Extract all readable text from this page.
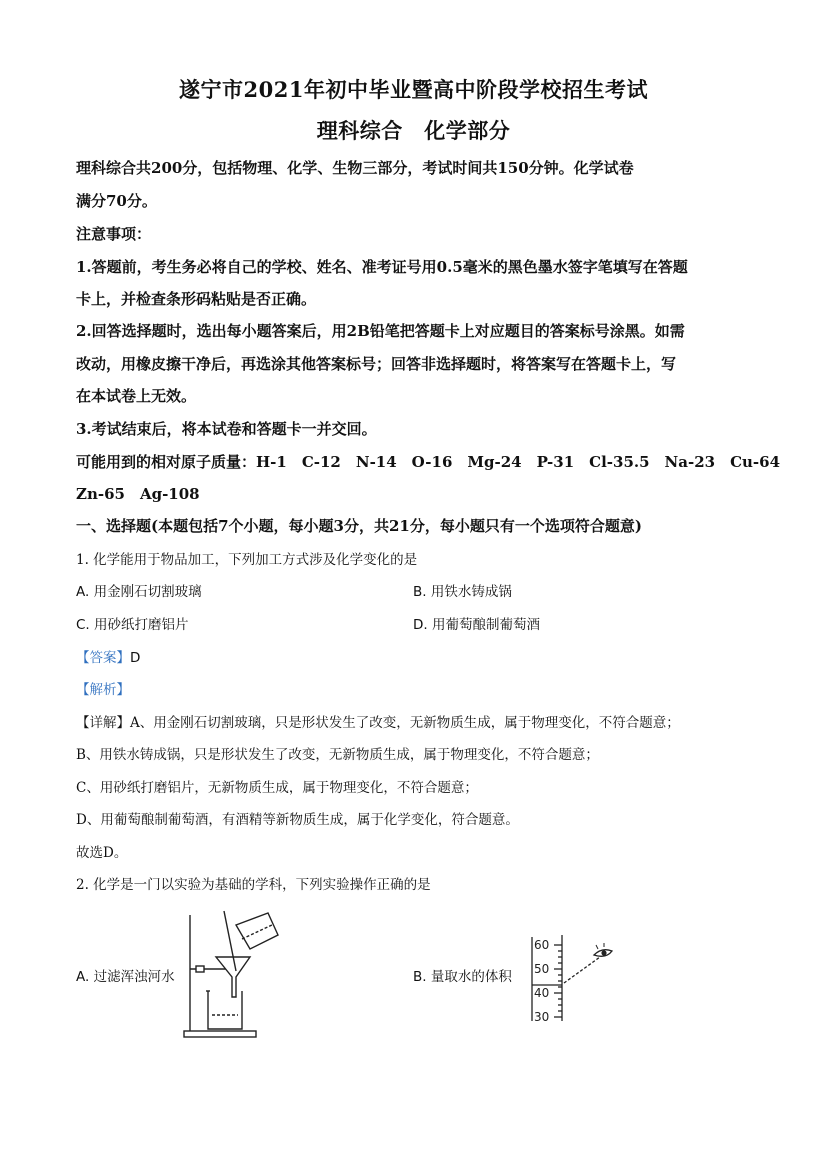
遂宁市2021年初中毕业暨高中阶段学校招生考试
理科综合　化学部分
理科综合共200分，包括物理、化学、生物三部分，考试时间共150分钟。化学试卷
满分70分。
注意事项：
1.答题前，考生务必将自己的学校、姓名、准考证号用0.5毫米的黑色墨水签字笔填写在答题
卡上，并检查条形码粘贴是否正确。
2.回答选择题时，选出每小题答案后，用2B铅笔把答题卡上对应题目的答案标号涂黑。如需
改动，用橡皮擦干净后，再选涂其他答案标号；回答非选择题时，将答案写在答题卡上，写
在本试卷上无效。
3.考试结束后，将本试卷和答题卡一并交回。
可能用到的相对原子质量：H-1　C-12　N-14　O-16　Mg-24　P-31　Cl-35.5　Na-23　Cu-64
Zn-65　Ag-108
一、选择题(本题包括7个小题，每小题3分，共21分，每小题只有一个选项符合题意)
1. 化学能用于物品加工，下列加工方式涉及化学变化的是
A. 用金刚石切割玻璃	B. 用铁水铸成锅
C. 用砂纸打磨铝片	D. 用葡萄酿制葡萄酒
【答案】D
【解析】
【详解】A、用金刚石切割玻璃，只是形状发生了改变，无新物质生成，属于物理变化，不符合题意；
B、用铁水铸成锅，只是形状发生了改变，无新物质生成，属于物理变化，不符合题意；
C、用砂纸打磨铝片，无新物质生成，属于物理变化，不符合题意；
D、用葡萄酿制葡萄酒，有酒精等新物质生成，属于化学变化，符合题意。
故选D。
2. 化学是一门以实验为基础的学科，下列实验操作正确的是
A. 过滤浑浊河水	B. 量取水的体积
60
50
40
30
